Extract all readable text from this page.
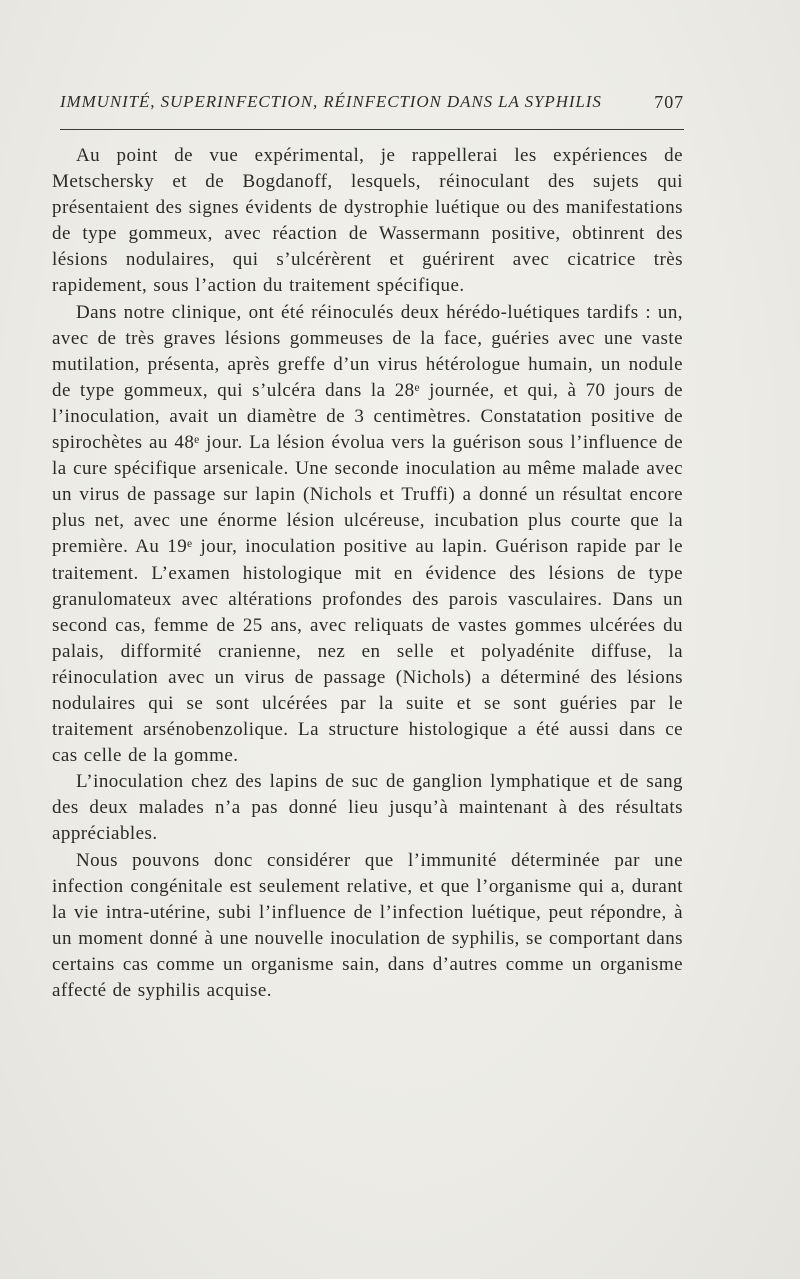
IMMUNITÉ, SUPERINFECTION, RÉINFECTION DANS LA SYPHILIS	707

Au point de vue expérimental, je rappellerai les expériences de Metschersky et de Bogdanoff, lesquels, réinoculant des sujets qui présentaient des signes évidents de dystrophie luétique ou des manifestations de type gommeux, avec réaction de Wassermann positive, obtinrent des lésions nodulaires, qui s’ulcérèrent et guérirent avec cicatrice très rapidement, sous l’action du traitement spécifique.

Dans notre clinique, ont été réinoculés deux hérédo-luétiques tardifs : un, avec de très graves lésions gommeuses de la face, guéries avec une vaste mutilation, présenta, après greffe d’un virus hétérologue humain, un nodule de type gommeux, qui s’ulcéra dans la 28ᵉ journée, et qui, à 70 jours de l’inoculation, avait un diamètre de 3 centimètres. Constatation positive de spirochètes au 48ᵉ jour. La lésion évolua vers la guérison sous l’influence de la cure spécifique arsenicale. Une seconde inoculation au même malade avec un virus de passage sur lapin (Nichols et Truffi) a donné un résultat encore plus net, avec une énorme lésion ulcéreuse, incubation plus courte que la première. Au 19ᵉ jour, inoculation positive au lapin. Guérison rapide par le traitement. L’examen histologique mit en évidence des lésions de type granulomateux avec altérations profondes des parois vasculaires. Dans un second cas, femme de 25 ans, avec reliquats de vastes gommes ulcérées du palais, difformité cranienne, nez en selle et polyadénite diffuse, la réinoculation avec un virus de passage (Nichols) a déterminé des lésions nodulaires qui se sont ulcérées par la suite et se sont guéries par le traitement arsénobenzolique. La structure histologique a été aussi dans ce cas celle de la gomme.

L’inoculation chez des lapins de suc de ganglion lymphatique et de sang des deux malades n’a pas donné lieu jusqu’à maintenant à des résultats appréciables.

Nous pouvons donc considérer que l’immunité déterminée par une infection congénitale est seulement relative, et que l’organisme qui a, durant la vie intra-utérine, subi l’influence de l’infection luétique, peut répondre, à un moment donné à une nouvelle inoculation de syphilis, se comportant dans certains cas comme un organisme sain, dans d’autres comme un organisme affecté de syphilis acquise.
